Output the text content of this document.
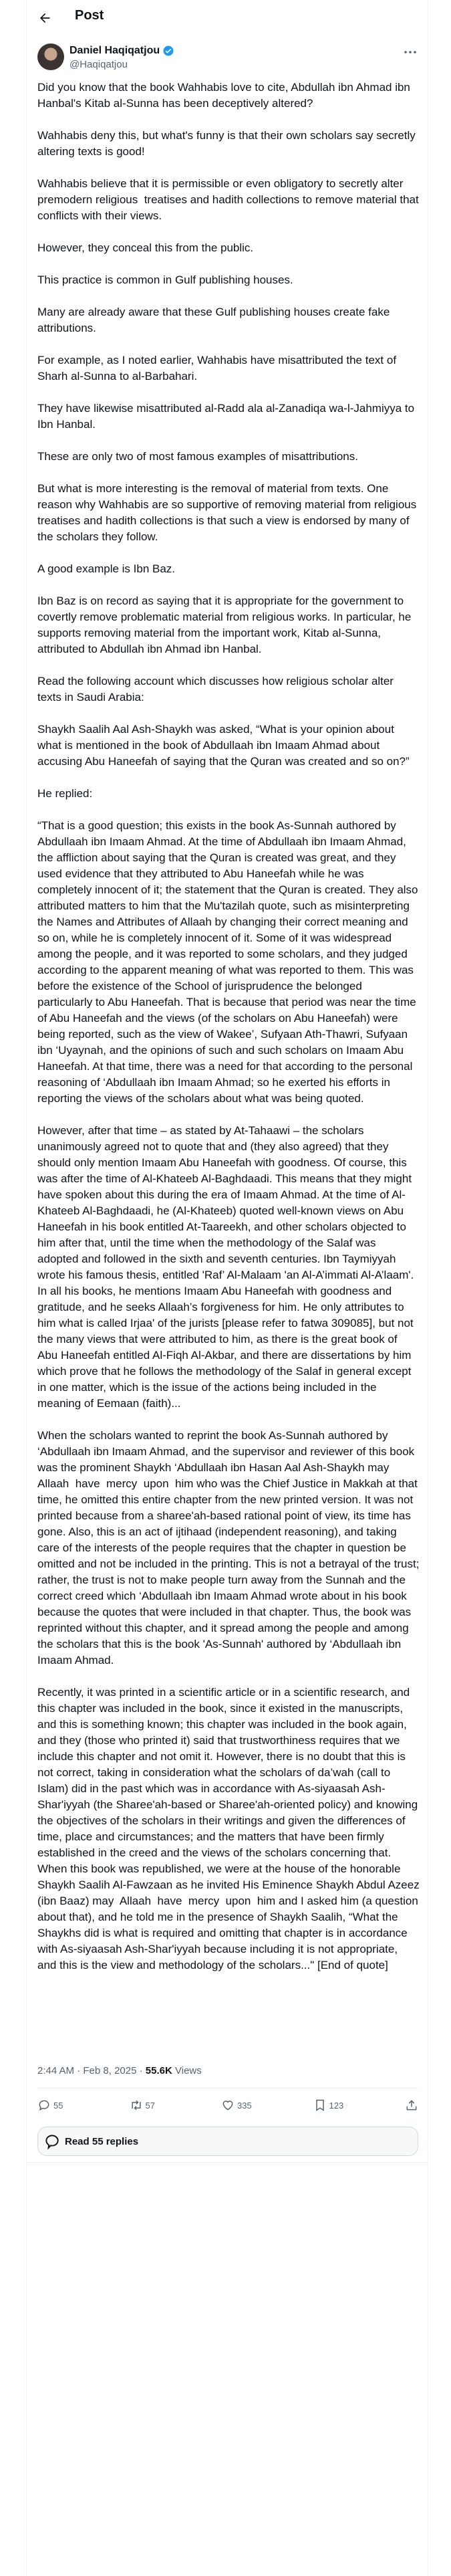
Post
Daniel Haqiqatjou
@Haqiqatjou

Did you know that the book Wahhabis love to cite, Abdullah ibn Ahmad ibn Hanbal's Kitab al-Sunna has been deceptively altered?

Wahhabis deny this, but what's funny is that their own scholars say secretly altering texts is good!

Wahhabis believe that it is permissible or even obligatory to secretly alter premodern religious  treatises and hadith collections to remove material that conflicts with their views.

However, they conceal this from the public.

This practice is common in Gulf publishing houses.

Many are already aware that these Gulf publishing houses create fake attributions.

For example, as I noted earlier, Wahhabis have misattributed the text of Sharh al-Sunna to al-Barbahari.

They have likewise misattributed al-Radd ala al-Zanadiqa wa-l-Jahmiyya to Ibn Hanbal.

These are only two of most famous examples of misattributions.

But what is more interesting is the removal of material from texts. One reason why Wahhabis are so supportive of removing material from religious treatises and hadith collections is that such a view is endorsed by many of the scholars they follow.

A good example is Ibn Baz.

Ibn Baz is on record as saying that it is appropriate for the government to covertly remove problematic material from religious works. In particular, he supports removing material from the important work, Kitab al-Sunna, attributed to Abdullah ibn Ahmad ibn Hanbal.

Read the following account which discusses how religious scholar alter texts in Saudi Arabia:

Shaykh Saalih Aal Ash-Shaykh was asked, “What is your opinion about what is mentioned in the book of Abdullaah ibn Imaam Ahmad about accusing Abu Haneefah of saying that the Quran was created and so on?”

He replied:

“That is a good question; this exists in the book As-Sunnah authored by Abdullaah ibn Imaam Ahmad. At the time of Abdullaah ibn Imaam Ahmad, the affliction about saying that the Quran is created was great, and they used evidence that they attributed to Abu Haneefah while he was completely innocent of it; the statement that the Quran is created. They also attributed matters to him that the Mu'tazilah quote, such as misinterpreting the Names and Attributes of Allaah by changing their correct meaning and so on, while he is completely innocent of it. Some of it was widespread among the people, and it was reported to some scholars, and they judged according to the apparent meaning of what was reported to them. This was before the existence of the School of jurisprudence the belonged particularly to Abu Haneefah. That is because that period was near the time of Abu Haneefah and the views (of the scholars on Abu Haneefah) were being reported, such as the view of Wakee’, Sufyaan Ath-Thawri, Sufyaan ibn ‘Uyaynah, and the opinions of such and such scholars on Imaam Abu Haneefah. At that time, there was a need for that according to the personal reasoning of ‘Abdullaah ibn Imaam Ahmad; so he exerted his efforts in reporting the views of the scholars about what was being quoted.

However, after that time – as stated by At-Tahaawi – the scholars unanimously agreed not to quote that and (they also agreed) that they should only mention Imaam Abu Haneefah with goodness. Of course, this was after the time of Al-Khateeb Al-Baghdaadi. This means that they might have spoken about this during the era of Imaam Ahmad. At the time of Al-Khateeb Al-Baghdaadi, he (Al-Khateeb) quoted well-known views on Abu Haneefah in his book entitled At-Taareekh, and other scholars objected to him after that, until the time when the methodology of the Salaf was adopted and followed in the sixth and seventh centuries. Ibn Taymiyyah wrote his famous thesis, entitled 'Raf’ Al-Malaam 'an Al-A’immati Al-A’laam'. In all his books, he mentions Imaam Abu Haneefah with goodness and gratitude, and he seeks Allaah’s forgiveness for him. He only attributes to him what is called Irjaa' of the jurists [please refer to fatwa 309085], but not the many views that were attributed to him, as there is the great book of Abu Haneefah entitled Al-Fiqh Al-Akbar, and there are dissertations by him which prove that he follows the methodology of the Salaf in general except in one matter, which is the issue of the actions being included in the meaning of Eemaan (faith)...

When the scholars wanted to reprint the book As-Sunnah authored by ‘Abdullaah ibn Imaam Ahmad, and the supervisor and reviewer of this book was the prominent Shaykh ‘Abdullaah ibn Hasan Aal Ash-Shaykh may  Allaah  have  mercy  upon  him who was the Chief Justice in Makkah at that time, he omitted this entire chapter from the new printed version. It was not printed because from a sharee'ah-based rational point of view, its time has gone. Also, this is an act of ijtihaad (independent reasoning), and taking care of the interests of the people requires that the chapter in question be omitted and not be included in the printing. This is not a betrayal of the trust; rather, the trust is not to make people turn away from the Sunnah and the correct creed which ‘Abdullaah ibn Imaam Ahmad wrote about in his book because the quotes that were included in that chapter. Thus, the book was reprinted without this chapter, and it spread among the people and among the scholars that this is the book 'As-Sunnah' authored by ‘Abdullaah ibn Imaam Ahmad.

Recently, it was printed in a scientific article or in a scientific research, and this chapter was included in the book, since it existed in the manuscripts, and this is something known; this chapter was included in the book again, and they (those who printed it) said that trustworthiness requires that we include this chapter and not omit it. However, there is no doubt that this is not correct, taking in consideration what the scholars of da’wah (call to Islam) did in the past which was in accordance with As-siyaasah Ash-Shar'iyyah (the Sharee'ah-based or Sharee'ah-oriented policy) and knowing the objectives of the scholars in their writings and given the differences of time, place and circumstances; and the matters that have been firmly established in the creed and the views of the scholars concerning that. When this book was republished, we were at the house of the honorable Shaykh Saalih Al-Fawzaan as he invited His Eminence Shaykh Abdul Azeez (ibn Baaz) may  Allaah  have  mercy  upon  him and I asked him (a question about that), and he told me in the presence of Shaykh Saalih, “What the Shaykhs did is what is required and omitting that chapter is in accordance with As-siyaasah Ash-Shar'iyyah because including it is not appropriate, and this is the view and methodology of the scholars..." [End of quote]

2:44 AM · Feb 8, 2025 · 55.6K Views
55	57	335	123
Read 55 replies
